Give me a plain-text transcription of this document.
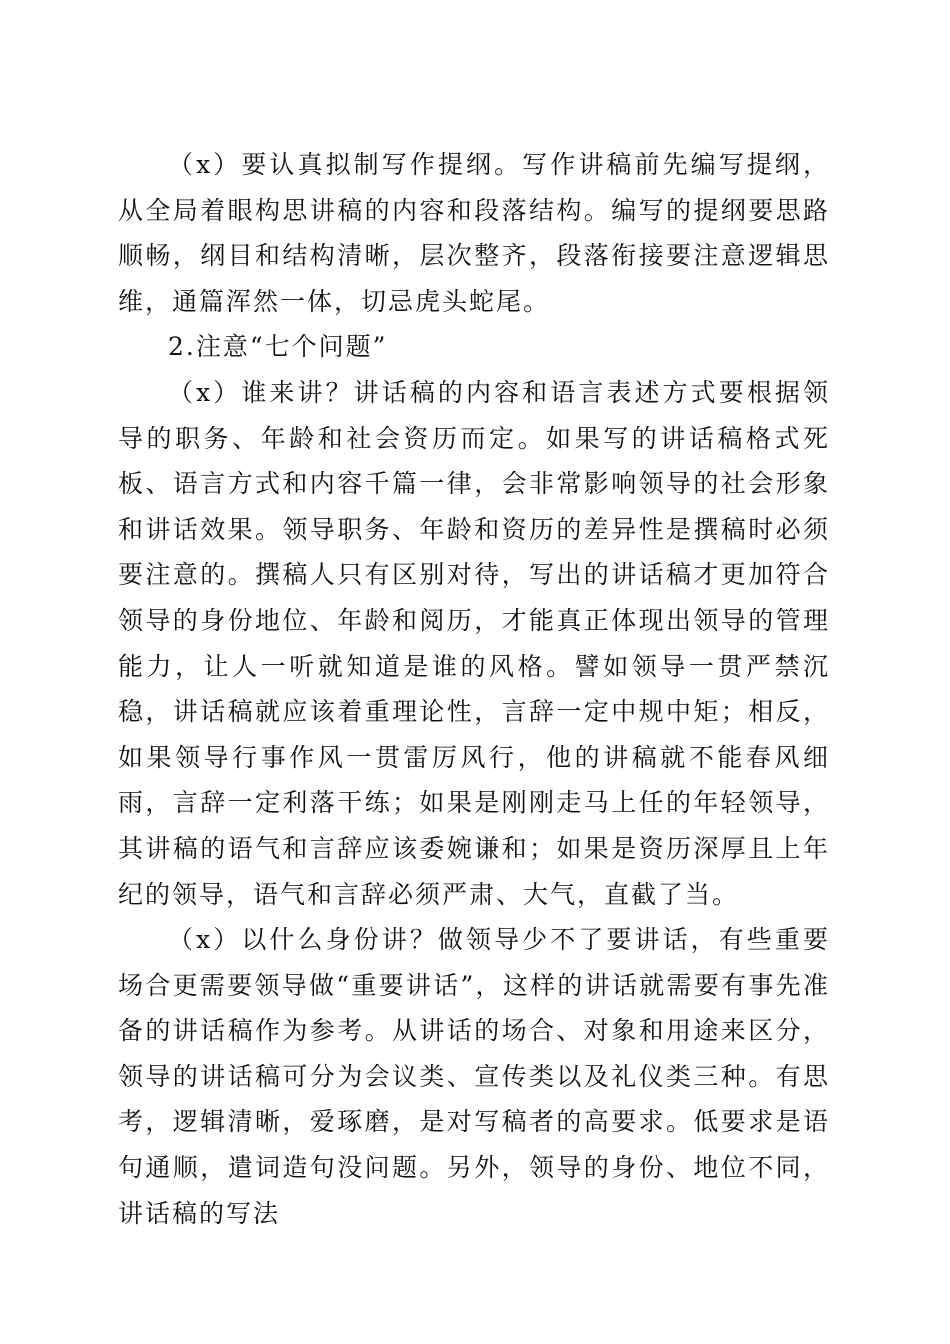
（x）要认真拟制写作提纲。写作讲稿前先编写提纲，从全局着眼构思讲稿的内容和段落结构。编写的提纲要思路顺畅，纲目和结构清晰，层次整齐，段落衔接要注意逻辑思维，通篇浑然一体，切忌虎头蛇尾。

2.注意“七个问题”

（x）谁来讲？讲话稿的内容和语言表述方式要根据领导的职务、年龄和社会资历而定。如果写的讲话稿格式死板、语言方式和内容千篇一律，会非常影响领导的社会形象和讲话效果。领导职务、年龄和资历的差异性是撰稿时必须要注意的。撰稿人只有区别对待，写出的讲话稿才更加符合领导的身份地位、年龄和阅历，才能真正体现出领导的管理能力，让人一听就知道是谁的风格。譬如领导一贯严禁沉稳，讲话稿就应该着重理论性，言辞一定中规中矩；相反，如果领导行事作风一贯雷厉风行，他的讲稿就不能春风细雨，言辞一定利落干练；如果是刚刚走马上任的年轻领导，其讲稿的语气和言辞应该委婉谦和；如果是资历深厚且上年纪的领导，语气和言辞必须严肃、大气，直截了当。

（x）以什么身份讲？做领导少不了要讲话，有些重要场合更需要领导做“重要讲话”，这样的讲话就需要有事先准备的讲话稿作为参考。从讲话的场合、对象和用途来区分，领导的讲话稿可分为会议类、宣传类以及礼仪类三种。有思考，逻辑清晰，爱琢磨，是对写稿者的高要求。低要求是语句通顺，遣词造句没问题。另外，领导的身份、地位不同，讲话稿的写法
